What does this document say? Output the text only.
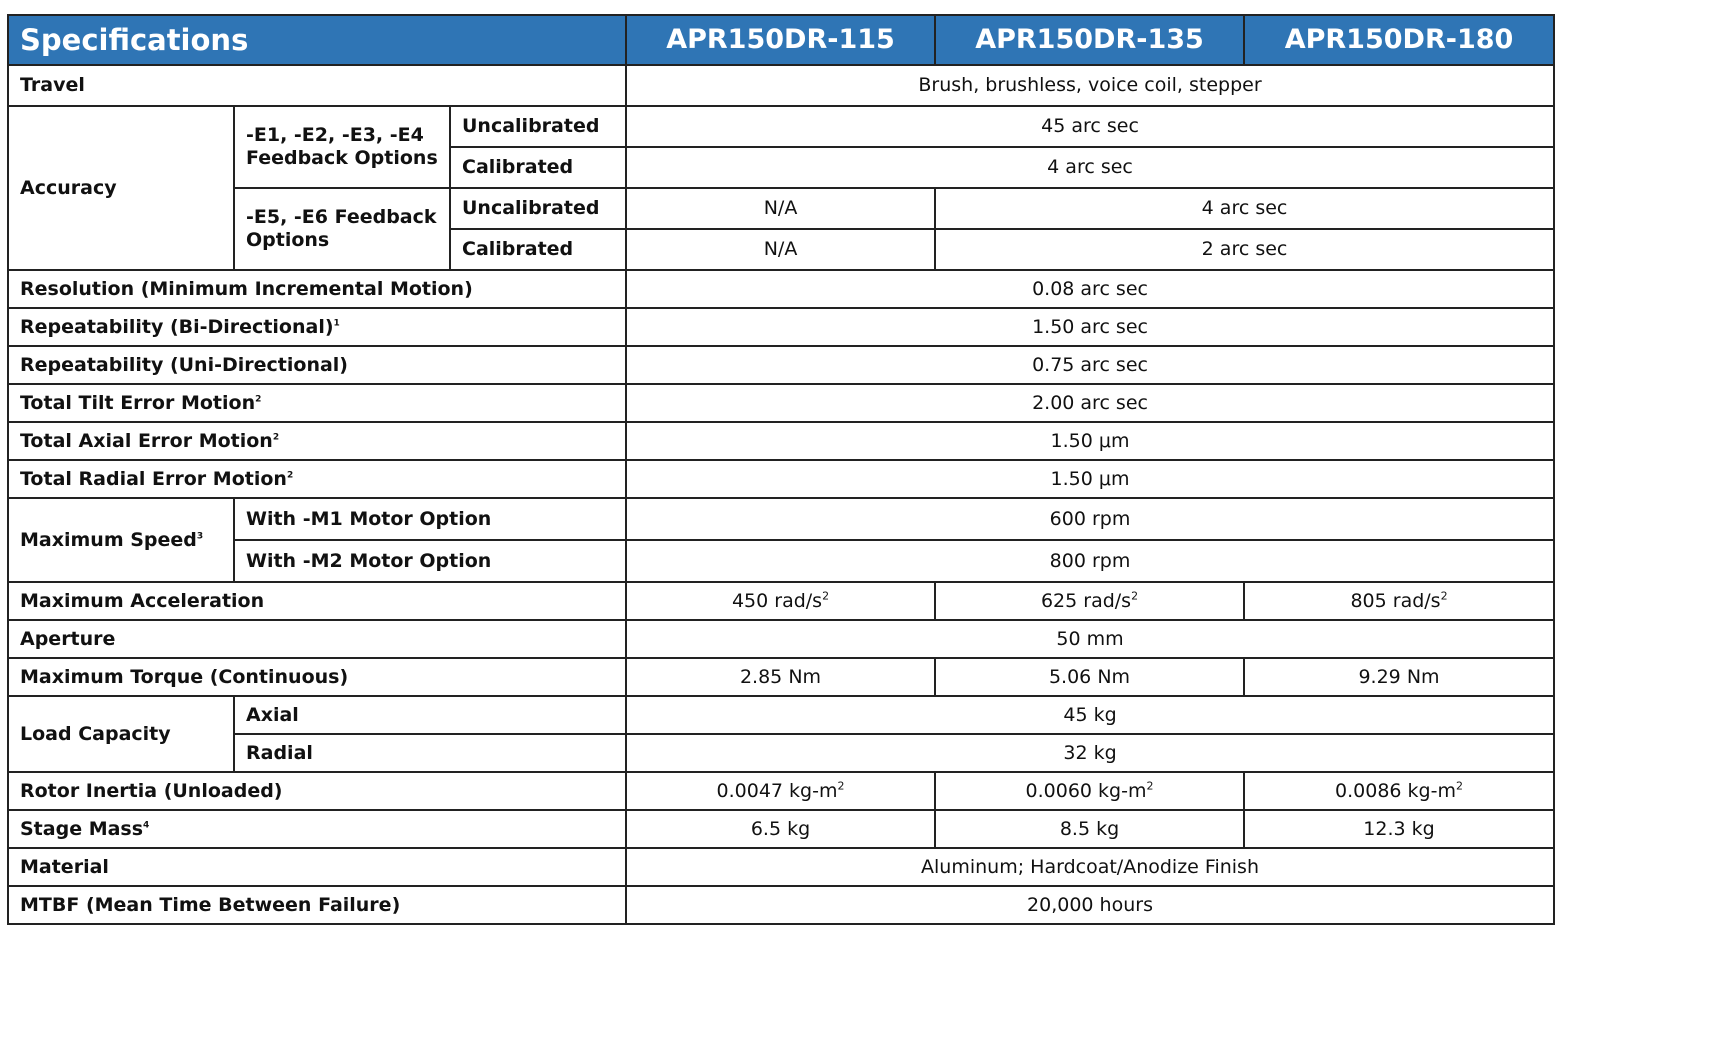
Specifications			APR150DR-115	APR150DR-135	APR150DR-180
Travel			Brush, brushless, voice coil, stepper		
Accuracy	-E1, -E2, -E3, -E4 Feedback Options	Uncalibrated	45 arc sec		
		Calibrated	4 arc sec		
	-E5, -E6 Feedback Options	Uncalibrated	N/A	4 arc sec	
		Calibrated	N/A	2 arc sec	
Resolution (Minimum Incremental Motion)			0.08 arc sec		
Repeatability (Bi-Directional)$^1$			1.50 arc sec		
Repeatability (Uni-Directional)			0.75 arc sec		
Total Tilt Error Motion$^2$			2.00 arc sec		
Total Axial Error Motion$^2$			1.50 μm		
Total Radial Error Motion$^2$			1.50 μm		
Maximum Speed$^3$	With -M1 Motor Option		600 rpm		
	With -M2 Motor Option		800 rpm		
Maximum Acceleration			450 rad/$s^2$	625 rad/$s^2$	805 rad/$s^2$
Aperture			50 mm		
Maximum Torque (Continuous)			2.85 Nm	5.06 Nm	9.29 Nm
Load Capacity	Axial		45 kg		
	Radial		32 kg		
Rotor Inertia (Unloaded)			0.0047 $kg-m^2$	0.0060 $kg-m^2$	0.0086 $kg-m^2$
Stage Mass$^4$			6.5 kg	8.5 kg	12.3 kg
Material			Aluminum; Hardcoat/Anodize Finish		
MTBF (Mean Time Between Failure)			20,000 hours		
